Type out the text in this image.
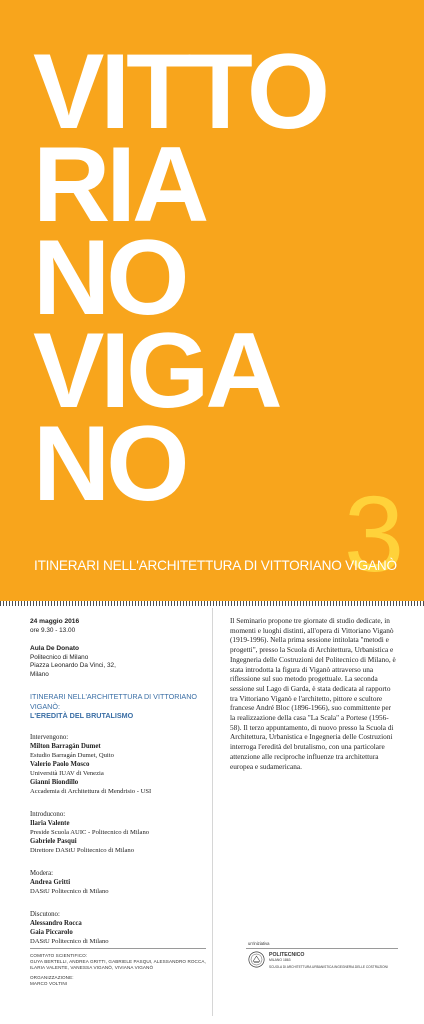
VITTO
RIA
NO
VIGA
NO
3
ITINERARI NELL'ARCHITETTURA DI VITTORIANO VIGANÒ
24 maggio 2016
ore 9.30 - 13.00
Aula De Donato
Politecnico di Milano
Piazza Leonardo Da Vinci, 32,
Milano
ITINERARI NELL'ARCHITETTURA DI VITTORIANO VIGANÒ:
L'EREDITÀ DEL BRUTALISMO
Intervengono:
Milton Barragán Dumet
Estudio Barragán Dumet, Quito
Valerio Paolo Mosco
Università IUAV di Venezia
Gianni Biondillo
Accademia di Architettura di Mendrisio - USI
Introducono:
Ilaria Valente
Preside Scuola AUIC - Politecnico di Milano
Gabriele Pasqui
Direttore DAStU Politecnico di Milano
Modera:
Andrea Gritti
DAStU Politecnico di Milano
Discutono:
Alessandro Rocca
Gaia Piccarolo
DAStU Politecnico di Milano

Il Seminario propone tre giornate di studio dedicate, in momenti e luoghi distinti, all'opera di Vittoriano Viganò (1919-1996). Nella prima sessione intitolata "metodi e progetti", presso la Scuola di Architettura, Urbanistica e Ingegneria delle Costruzioni del Politecnico di Milano, è stata introdotta la figura di Viganò attraverso una riflessione sul suo metodo progettuale. La seconda sessione sul Lago di Garda, è stata dedicata al rapporto tra Vittoriano Viganò e l'architetto, pittore e scultore francese André Bloc (1896-1966), suo committente per la realizzazione della casa "La Scala" a Portese (1956-58). Il terzo appuntamento, di nuovo presso la Scuola di Architettura, Urbanistica e Ingegneria delle Costruzioni interroga l'eredità del brutalismo, con una particolare attenzione alle reciproche influenze tra architettura europea e sudamericana.

COMITATO SCIENTIFICO:
GUYA BERTELLI, ANDREA GRITTI, GABRIELE PASQUI, ALESSANDRO ROCCA, ILARIA VALENTE, VANESSA VIGANÒ, VIVIANA VIGANÒ
ORGANIZZAZIONE:
MARCO VOLTINI
un'iniziativa
POLITECNICO
MILANO 1863
SCUOLA DI ARCHITETTURA URBANISTICA INGEGNERIA DELLE COSTRUZIONI
